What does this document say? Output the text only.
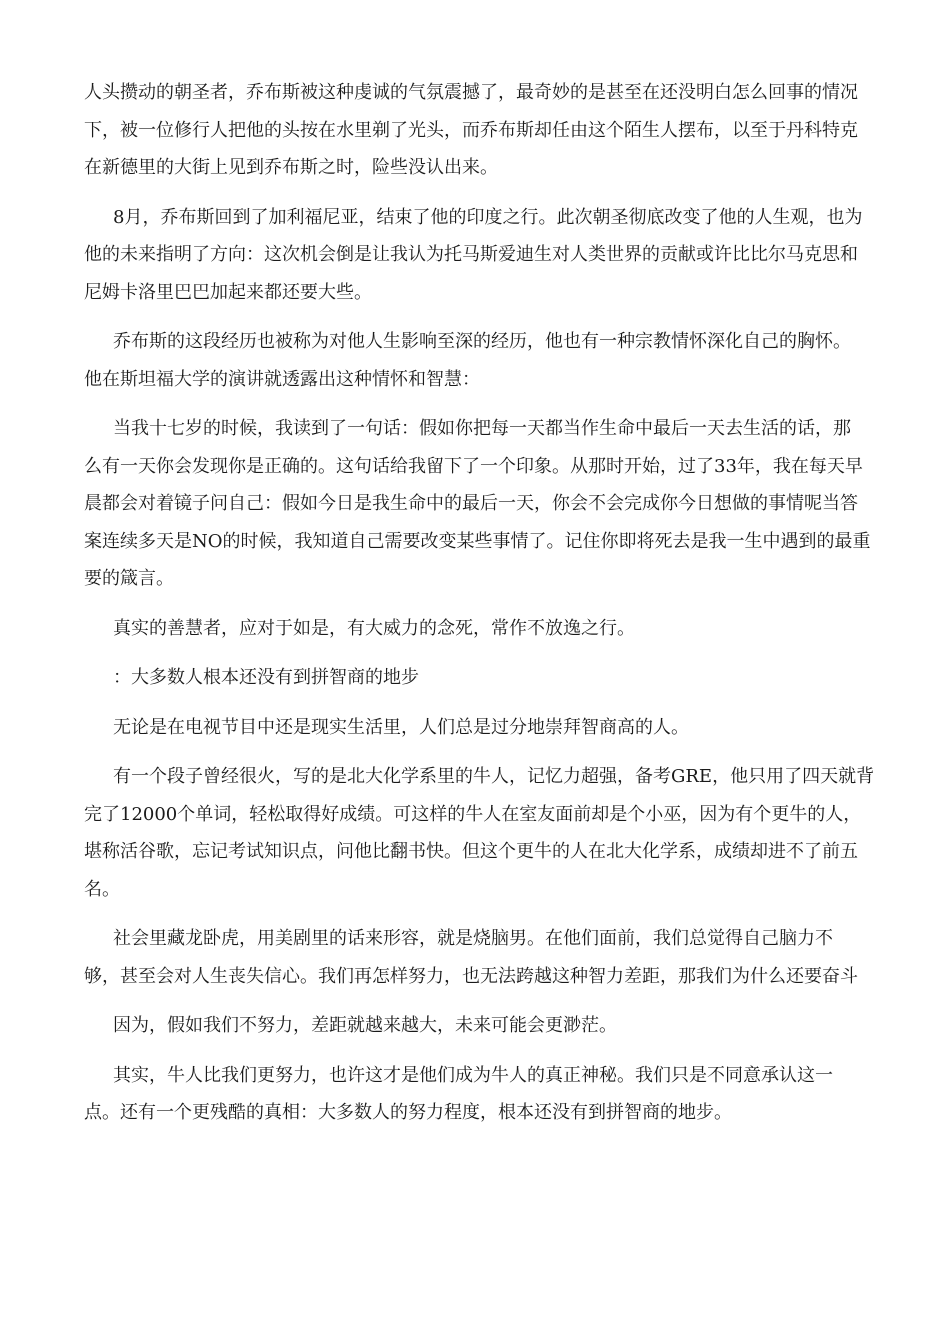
人头攒动的朝圣者，乔布斯被这种虔诚的气氛震撼了，最奇妙的是甚至在还没明白怎么回事的情况
下，被一位修行人把他的头按在水里剃了光头，而乔布斯却任由这个陌生人摆布，以至于丹科特克
在新德里的大街上见到乔布斯之时，险些没认出来。
8月，乔布斯回到了加利福尼亚，结束了他的印度之行。此次朝圣彻底改变了他的人生观，也为
他的未来指明了方向：这次机会倒是让我认为托马斯爱迪生对人类世界的贡献或许比比尔马克思和
尼姆卡洛里巴巴加起来都还要大些。
乔布斯的这段经历也被称为对他人生影响至深的经历，他也有一种宗教情怀深化自己的胸怀。
他在斯坦福大学的演讲就透露出这种情怀和智慧：
当我十七岁的时候，我读到了一句话：假如你把每一天都当作生命中最后一天去生活的话，那
么有一天你会发现你是正确的。这句话给我留下了一个印象。从那时开始，过了33年，我在每天早
晨都会对着镜子问自己：假如今日是我生命中的最后一天，你会不会完成你今日想做的事情呢当答
案连续多天是NO的时候，我知道自己需要改变某些事情了。记住你即将死去是我一生中遇到的最重
要的箴言。
真实的善慧者，应对于如是，有大威力的念死，常作不放逸之行。
：大多数人根本还没有到拼智商的地步
无论是在电视节目中还是现实生活里，人们总是过分地崇拜智商高的人。
有一个段子曾经很火，写的是北大化学系里的牛人，记忆力超强，备考GRE，他只用了四天就背
完了12000个单词，轻松取得好成绩。可这样的牛人在室友面前却是个小巫，因为有个更牛的人，
堪称活谷歌，忘记考试知识点，问他比翻书快。但这个更牛的人在北大化学系，成绩却进不了前五
名。
社会里藏龙卧虎，用美剧里的话来形容，就是烧脑男。在他们面前，我们总觉得自己脑力不
够，甚至会对人生丧失信心。我们再怎样努力，也无法跨越这种智力差距，那我们为什么还要奋斗
因为，假如我们不努力，差距就越来越大，未来可能会更渺茫。
其实，牛人比我们更努力，也许这才是他们成为牛人的真正神秘。我们只是不同意承认这一
点。还有一个更残酷的真相：大多数人的努力程度，根本还没有到拼智商的地步。
